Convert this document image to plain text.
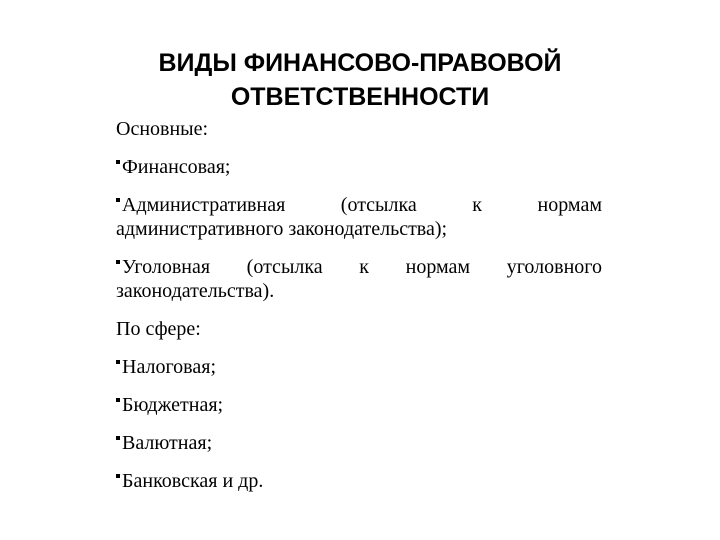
ВИДЫ ФИНАНСОВО-ПРАВОВОЙ
ОТВЕТСТВЕННОСТИ

Основные:

Финансовая;

Административная (отсылка к нормам административного законодательства);

Уголовная (отсылка к нормам уголовного законодательства).

По сфере:

Налоговая;

Бюджетная;

Валютная;

Банковская и др.
